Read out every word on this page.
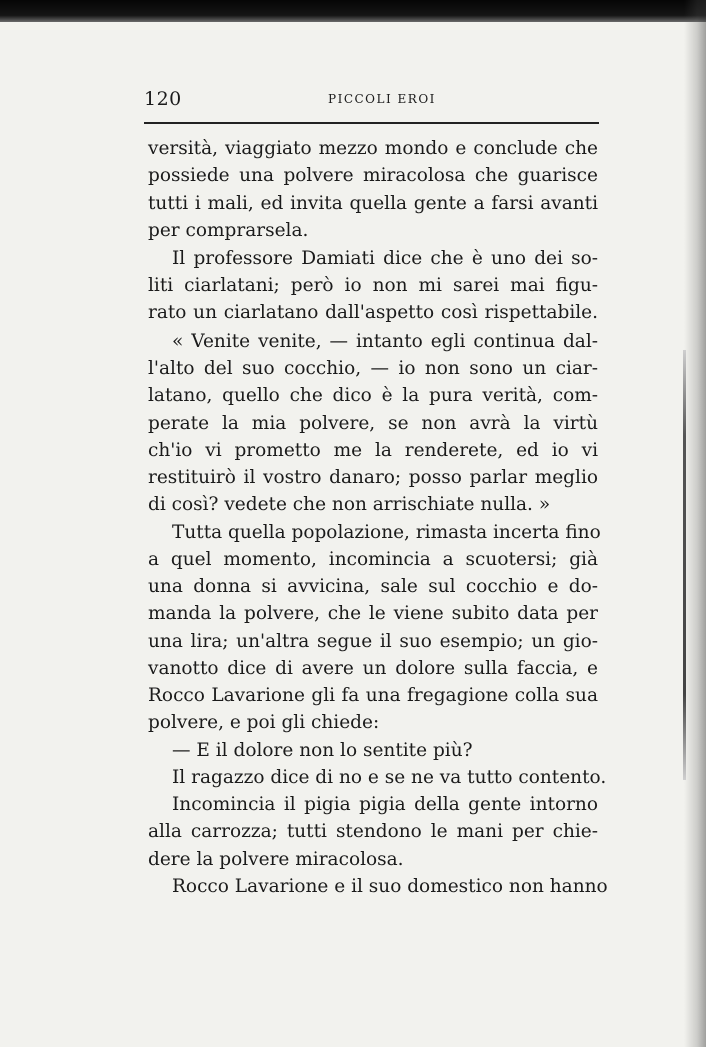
120	PICCOLI EROI
versità, viaggiato mezzo mondo e conclude che
possiede una polvere miracolosa che guarisce
tutti i mali, ed invita quella gente a farsi avanti
per comprarsela.
Il professore Damiati dice che è uno dei so-
liti ciarlatani; però io non mi sarei mai figu-
rato un ciarlatano dall'aspetto così rispettabile.
« Venite venite, — intanto egli continua dal-
l'alto del suo cocchio, — io non sono un ciar-
latano, quello che dico è la pura verità, com-
perate la mia polvere, se non avrà la virtù
ch'io vi prometto me la renderete, ed io vi
restituirò il vostro danaro; posso parlar meglio
di così? vedete che non arrischiate nulla. »
Tutta quella popolazione, rimasta incerta fino
a quel momento, incomincia a scuotersi; già
una donna si avvicina, sale sul cocchio e do-
manda la polvere, che le viene subito data per
una lira; un'altra segue il suo esempio; un gio-
vanotto dice di avere un dolore sulla faccia, e
Rocco Lavarione gli fa una fregagione colla sua
polvere, e poi gli chiede:
— E il dolore non lo sentite più?
Il ragazzo dice di no e se ne va tutto contento.
Incomincia il pigia pigia della gente intorno
alla carrozza; tutti stendono le mani per chie-
dere la polvere miracolosa.
Rocco Lavarione e il suo domestico non hanno
